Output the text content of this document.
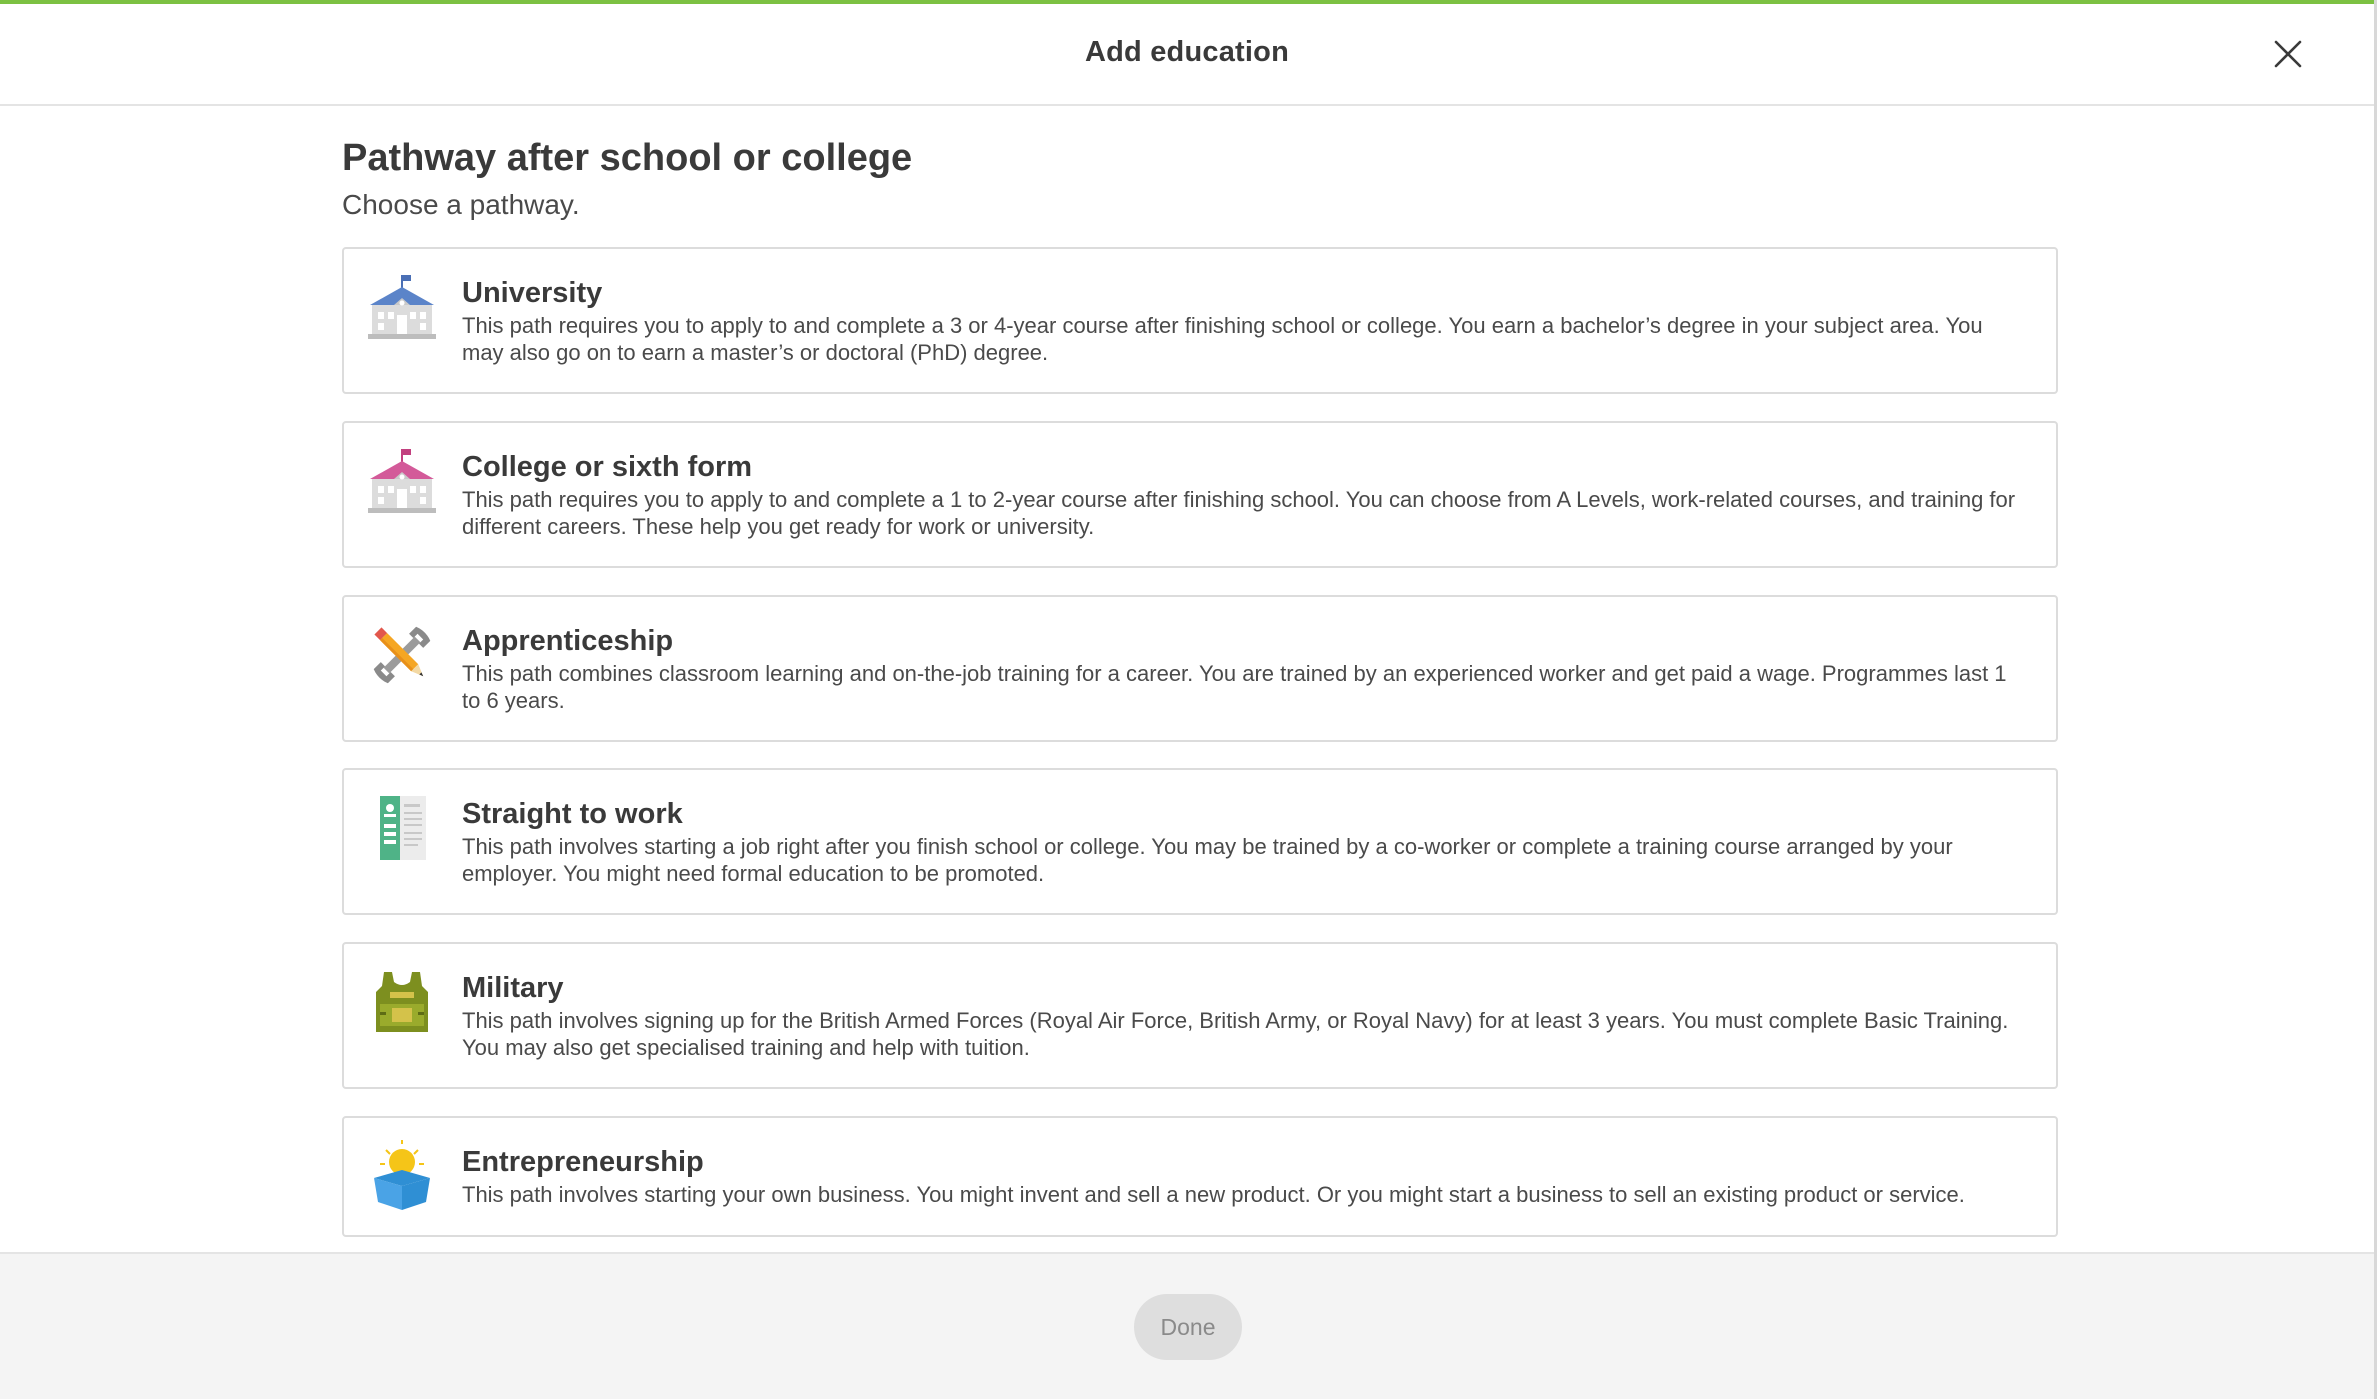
Add education
Pathway after school or college

Choose a pathway.

University
This path requires you to apply to and complete a 3 or 4-year course after finishing school or college. You earn a bachelor’s degree in your subject area. You may also go on to earn a master’s or doctoral (PhD) degree.
College or sixth form
This path requires you to apply to and complete a 1 to 2-year course after finishing school. You can choose from A Levels, work-related courses, and training for different careers. These help you get ready for work or university.
Apprenticeship
This path combines classroom learning and on-the-job training for a career. You are trained by an experienced worker and get paid a wage. Programmes last 1 to 6 years.
Straight to work
This path involves starting a job right after you finish school or college. You may be trained by a co-worker or complete a training course arranged by your employer. You might need formal education to be promoted.
Military
This path involves signing up for the British Armed Forces (Royal Air Force, British Army, or Royal Navy) for at least 3 years. You must complete Basic Training. You may also get specialised training and help with tuition.
Entrepreneurship
This path involves starting your own business. You might invent and sell a new product. Or you might start a business to sell an existing product or service.
Done
